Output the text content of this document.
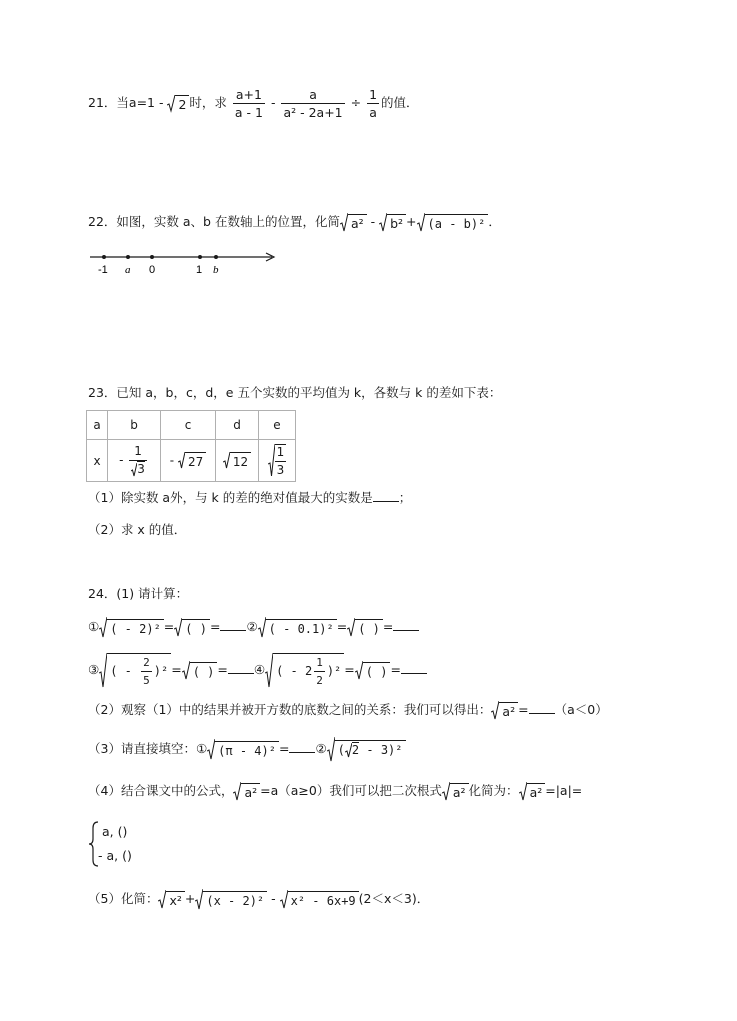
21．当a=1 - 2 时，求 $\frac{a+1}{a - 1} - \frac{a}{\text{a² - 2a+1}} \div \frac{1}{a}$ 的值．
22．如图，实数 a、b 在数轴上的位置，化简 a² - b² + (a - b)² ．
-1 a 0	1 b
23．已知 a，b，c，d，e 五个实数的平均值为 k，各数与 k 的差如下表：
a	b	c	d	e
x	- $\frac{1}{3}$	- 27	12	$\frac{1}{3}$
（1）除实数 a外，与 k 的差的绝对值最大的实数是 ；
（2）求 x 的值．
24．(1) 请计算：
① ( - 2)² = ( ) = ② ( - 0.1)² = ( ) =
③ ( - $\frac{2}{5} )^2$ = ( ) = ④ ( - $2 \frac{1}{2} )^2$ = ( ) =
（2）观察（1）中的结果并被开方数的底数之间的关系：我们可以得出： a² = （a＜0）
（3）请直接填空：① (π - 4)² = ② ( 2 - 3)²
（4）结合课文中的公式， a² =a（a≥0）我们可以把二次根式 a² 化简为： a² =|a|=
a, ()
- a, ()
（5）化简： x² + (x - 2)² - x² - 6x+9 (2＜x＜3)．
